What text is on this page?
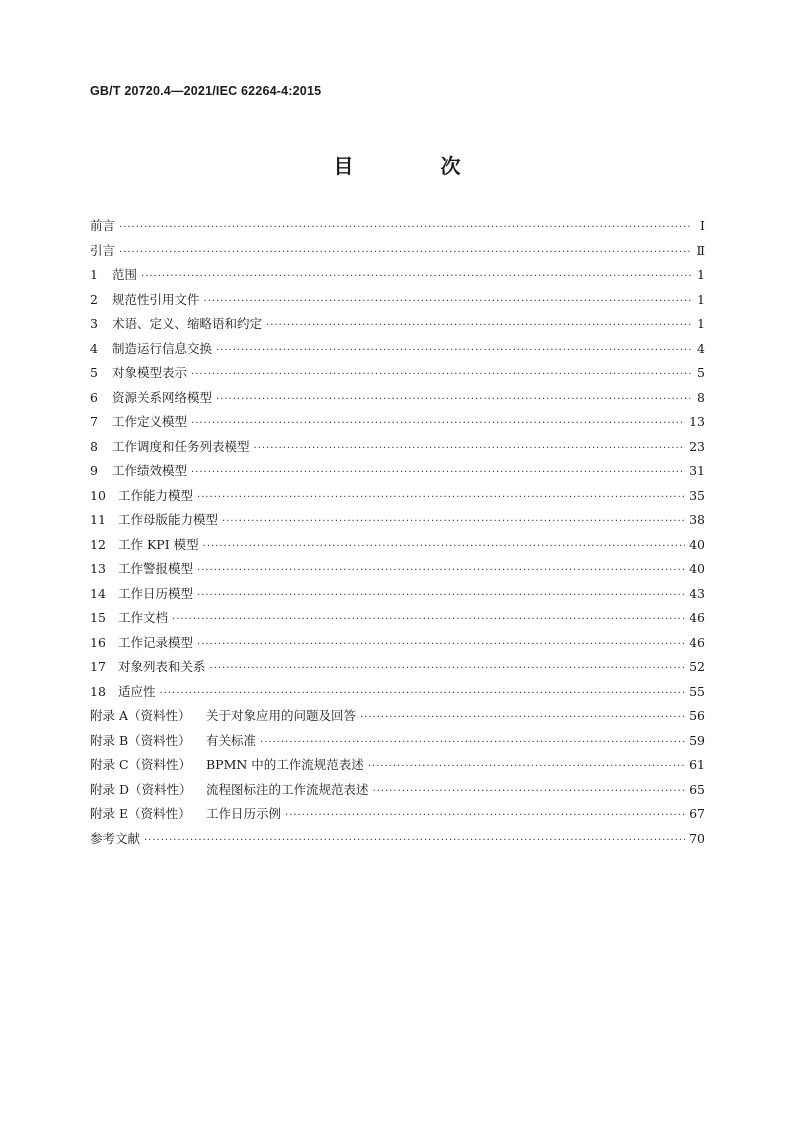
GB/T 20720.4—2021/IEC 62264-4:2015
目 次
前言 ·····	Ⅰ
引言 ·····	Ⅱ
1	范围 ·····	1
2	规范性引用文件 ·····	1
3	术语、定义、缩略语和约定 ·····	1
4	制造运行信息交换 ·····	4
5	对象模型表示 ·····	5
6	资源关系网络模型 ·····	8
7	工作定义模型 ·····	13
8	工作调度和任务列表模型 ·····	23
9	工作绩效模型 ·····	31
10 工作能力模型 ·····	35
11 工作母版能力模型 ·····	38
12 工作 KPI 模型 ·····	40
13 工作警报模型 ·····	40
14 工作日历模型 ·····	43
15 工作文档 ·····	46
16 工作记录模型 ·····	46
17 对象列表和关系 ·····	52
18 适应性 ·····	55
附录 A（资料性）	关于对象应用的问题及回答 ·····	56
附录 B（资料性）	有关标准 ·····	59
附录 C（资料性）	BPMN 中的工作流规范表述 ·····	61
附录 D（资料性）	流程图标注的工作流规范表述 ·····	65
附录 E（资料性）	工作日历示例 ·····	67
参考文献 ·····	70
